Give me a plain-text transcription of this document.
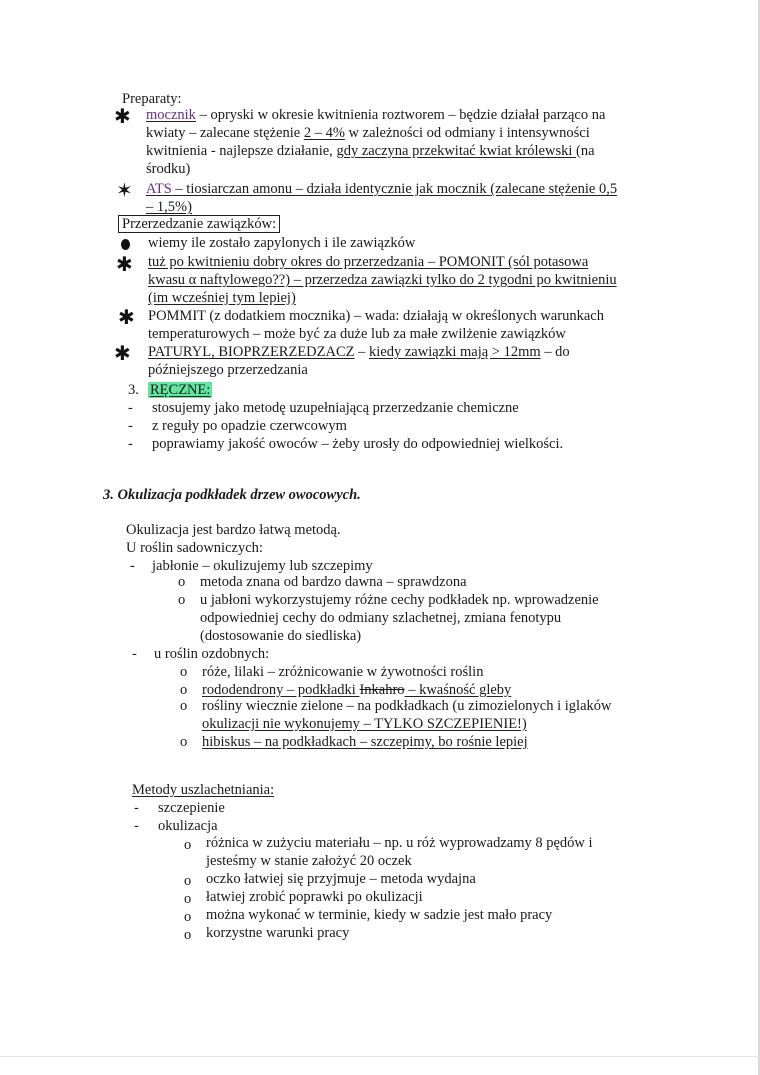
Preparaty:
✱ mocznik – opryski w okresie kwitnienia roztworem – będzie działał parząco na
kwiaty – zalecane stężenie 2 – 4% w zależności od odmiany i intensywności
kwitnienia - najlepsze działanie, gdy zaczyna przekwitać kwiat królewski (na
środku)
✶ ATS – tiosiarczan amonu – działa identycznie jak mocznik (zalecane stężenie 0,5
– 1,5%)
Przerzedzanie zawiązków:
wiemy ile zostało zapylonych i ile zawiązków
✱ tuż po kwitnieniu dobry okres do przerzedzania – POMONIT (sól potasowa
kwasu α naftylowego??) – przerzedza zawiązki tylko do 2 tygodni po kwitnieniu
(im wcześniej tym lepiej)
✱ POMMIT (z dodatkiem mocznika) – wada: działają w określonych warunkach
temperaturowych – może być za duże lub za małe zwilżenie zawiązków
✱ PATURYL, BIOPRZERZEDZACZ – kiedy zawiązki mają > 12mm – do
późniejszego przerzedzania
3. RĘCZNE:
- stosujemy jako metodę uzupełniającą przerzedzanie chemiczne
- z reguły po opadzie czerwcowym
- poprawiamy jakość owoców – żeby urosły do odpowiedniej wielkości.
3. Okulizacja podkładek drzew owocowych.
Okulizacja jest bardzo łatwą metodą.
U roślin sadowniczych:
- jabłonie – okulizujemy lub szczepimy
o metoda znana od bardzo dawna – sprawdzona
o u jabłoni wykorzystujemy różne cechy podkładek np. wprowadzenie
odpowiedniej cechy do odmiany szlachetnej, zmiana fenotypu
(dostosowanie do siedliska)
- u roślin ozdobnych:
o róże, lilaki – zróżnicowanie w żywotności roślin
o rododendrony – podkładki Inkahro – kwaśność gleby
o rośliny wiecznie zielone – na podkładkach (u zimozielonych i iglaków
okulizacji nie wykonujemy – TYLKO SZCZEPIENIE!)
o hibiskus – na podkładkach – szczepimy, bo rośnie lepiej
Metody uszlachetniania:
- szczepienie
- okulizacja
o różnica w zużyciu materiału – np. u róż wyprowadzamy 8 pędów i
jesteśmy w stanie założyć 20 oczek
o oczko łatwiej się przyjmuje – metoda wydajna
o łatwiej zrobić poprawki po okulizacji
o można wykonać w terminie, kiedy w sadzie jest mało pracy
o korzystne warunki pracy
